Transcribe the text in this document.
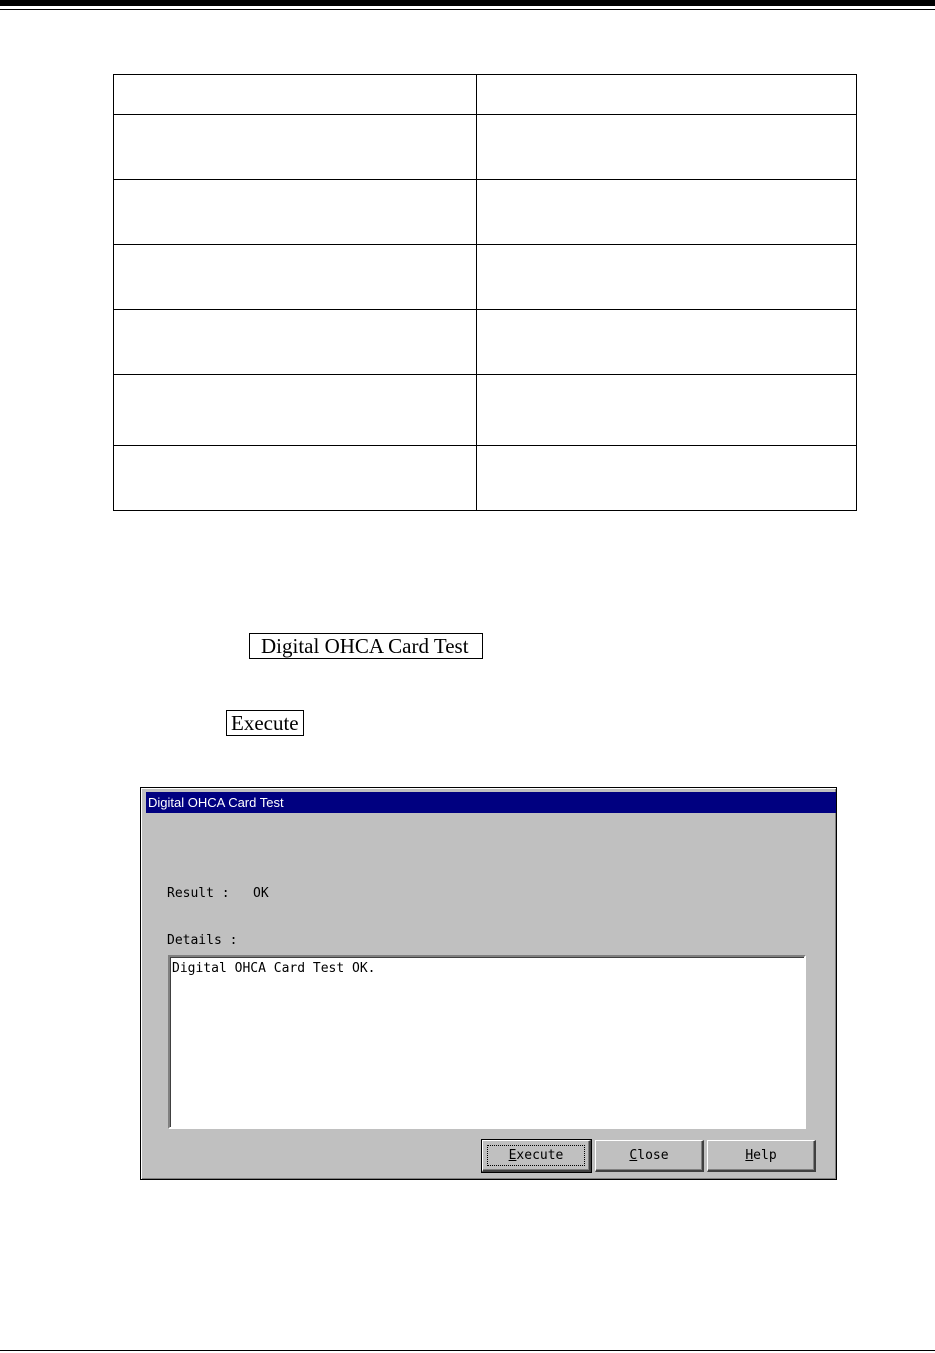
Digital OHCA Card Test
Execute
Digital OHCA Card Test
Result : OK
Details :
Digital OHCA Card Test OK.
Execute	Close	Help
